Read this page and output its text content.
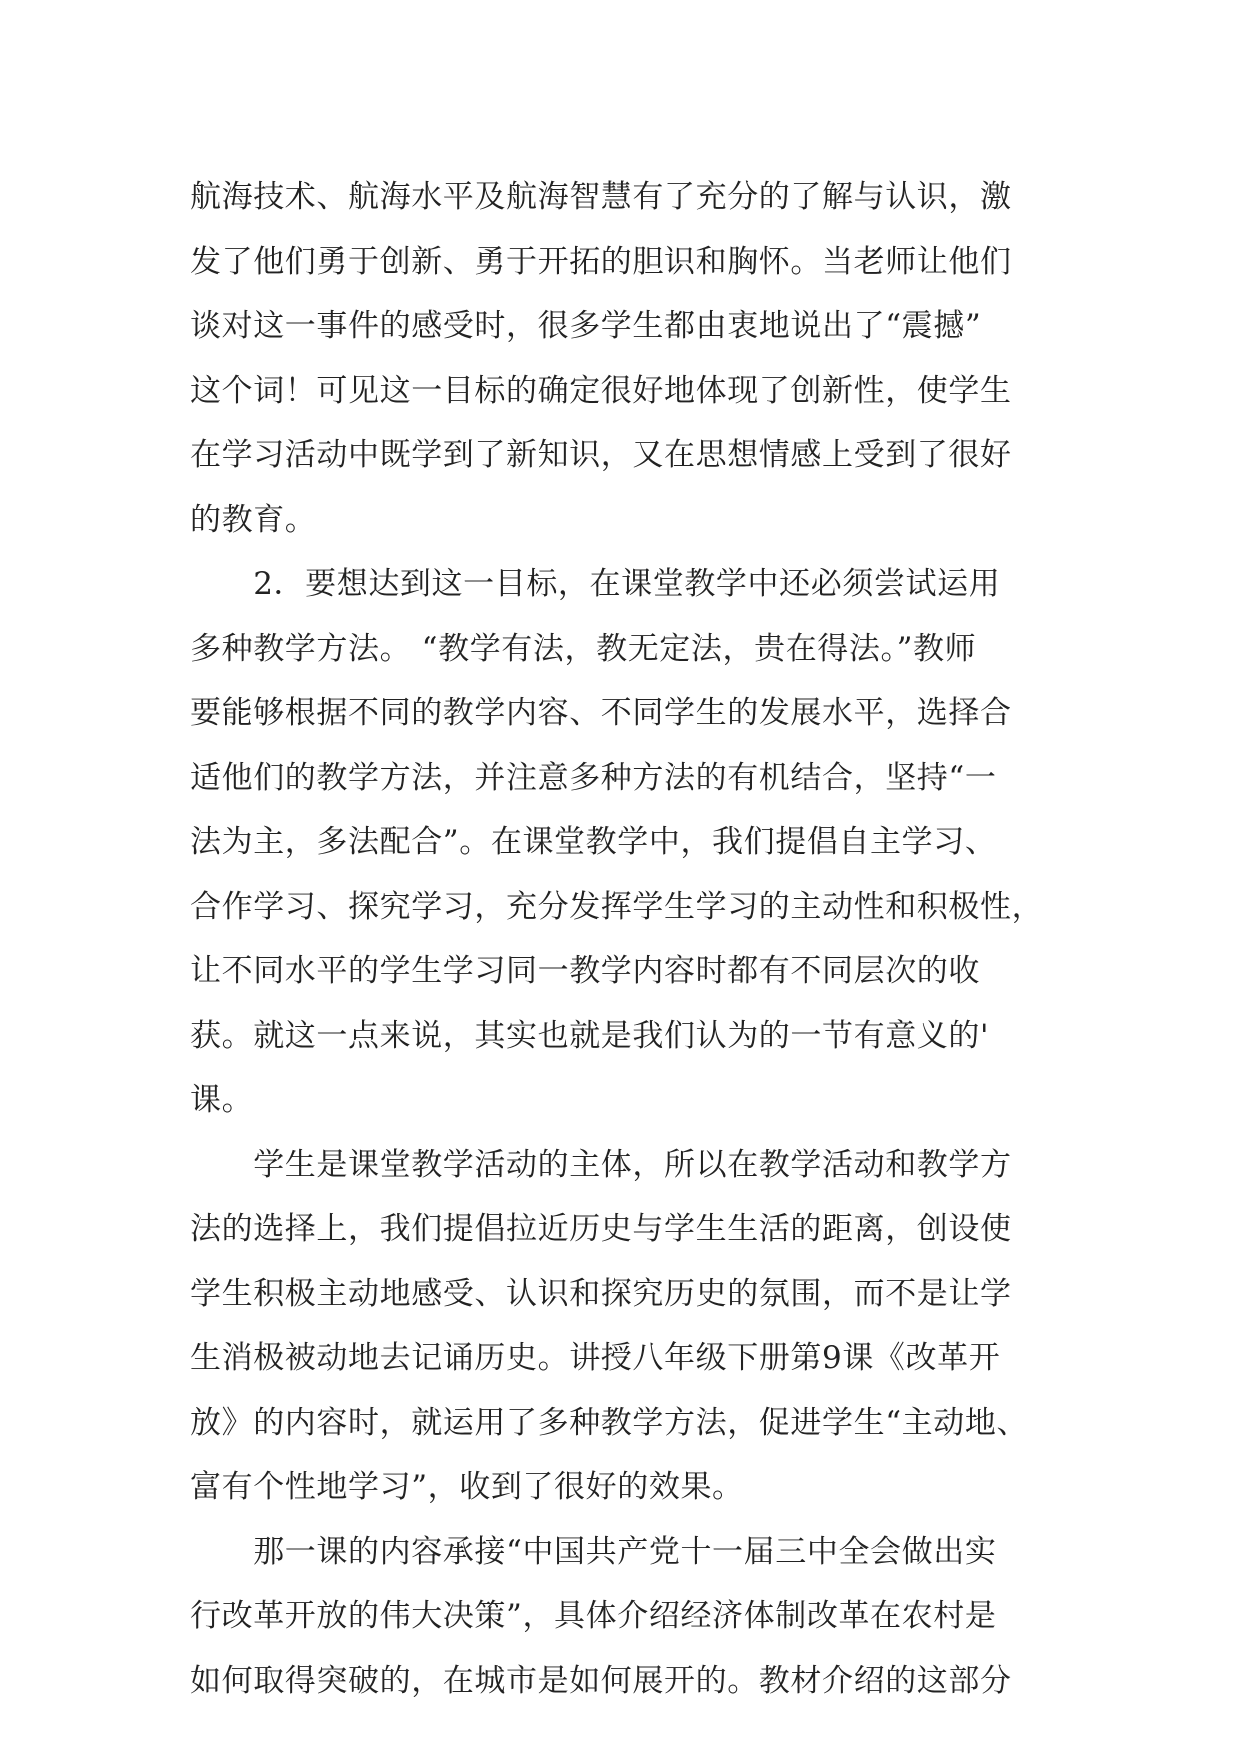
航海技术、航海水平及航海智慧有了充分的了解与认识，激
发了他们勇于创新、勇于开拓的胆识和胸怀。当老师让他们
谈对这一事件的感受时，很多学生都由衷地说出了“震撼”
这个词！可见这一目标的确定很好地体现了创新性，使学生
在学习活动中既学到了新知识，又在思想情感上受到了很好
的教育。
　　2．要想达到这一目标，在课堂教学中还必须尝试运用
多种教学方法。 “教学有法，教无定法，贵在得法。”教师
要能够根据不同的教学内容、不同学生的发展水平，选择合
适他们的教学方法，并注意多种方法的有机结合，坚持“一
法为主，多法配合”。在课堂教学中，我们提倡自主学习、
合作学习、探究学习，充分发挥学生学习的主动性和积极性，
让不同水平的学生学习同一教学内容时都有不同层次的收
获。就这一点来说，其实也就是我们认为的一节有意义的'
课。
　　学生是课堂教学活动的主体，所以在教学活动和教学方
法的选择上，我们提倡拉近历史与学生生活的距离，创设使
学生积极主动地感受、认识和探究历史的氛围，而不是让学
生消极被动地去记诵历史。讲授八年级下册第9课《改革开
放》的内容时，就运用了多种教学方法，促进学生“主动地、
富有个性地学习”，收到了很好的效果。
　　那一课的内容承接“中国共产党十一届三中全会做出实
行改革开放的伟大决策”，具体介绍经济体制改革在农村是
如何取得突破的，在城市是如何展开的。教材介绍的这部分
